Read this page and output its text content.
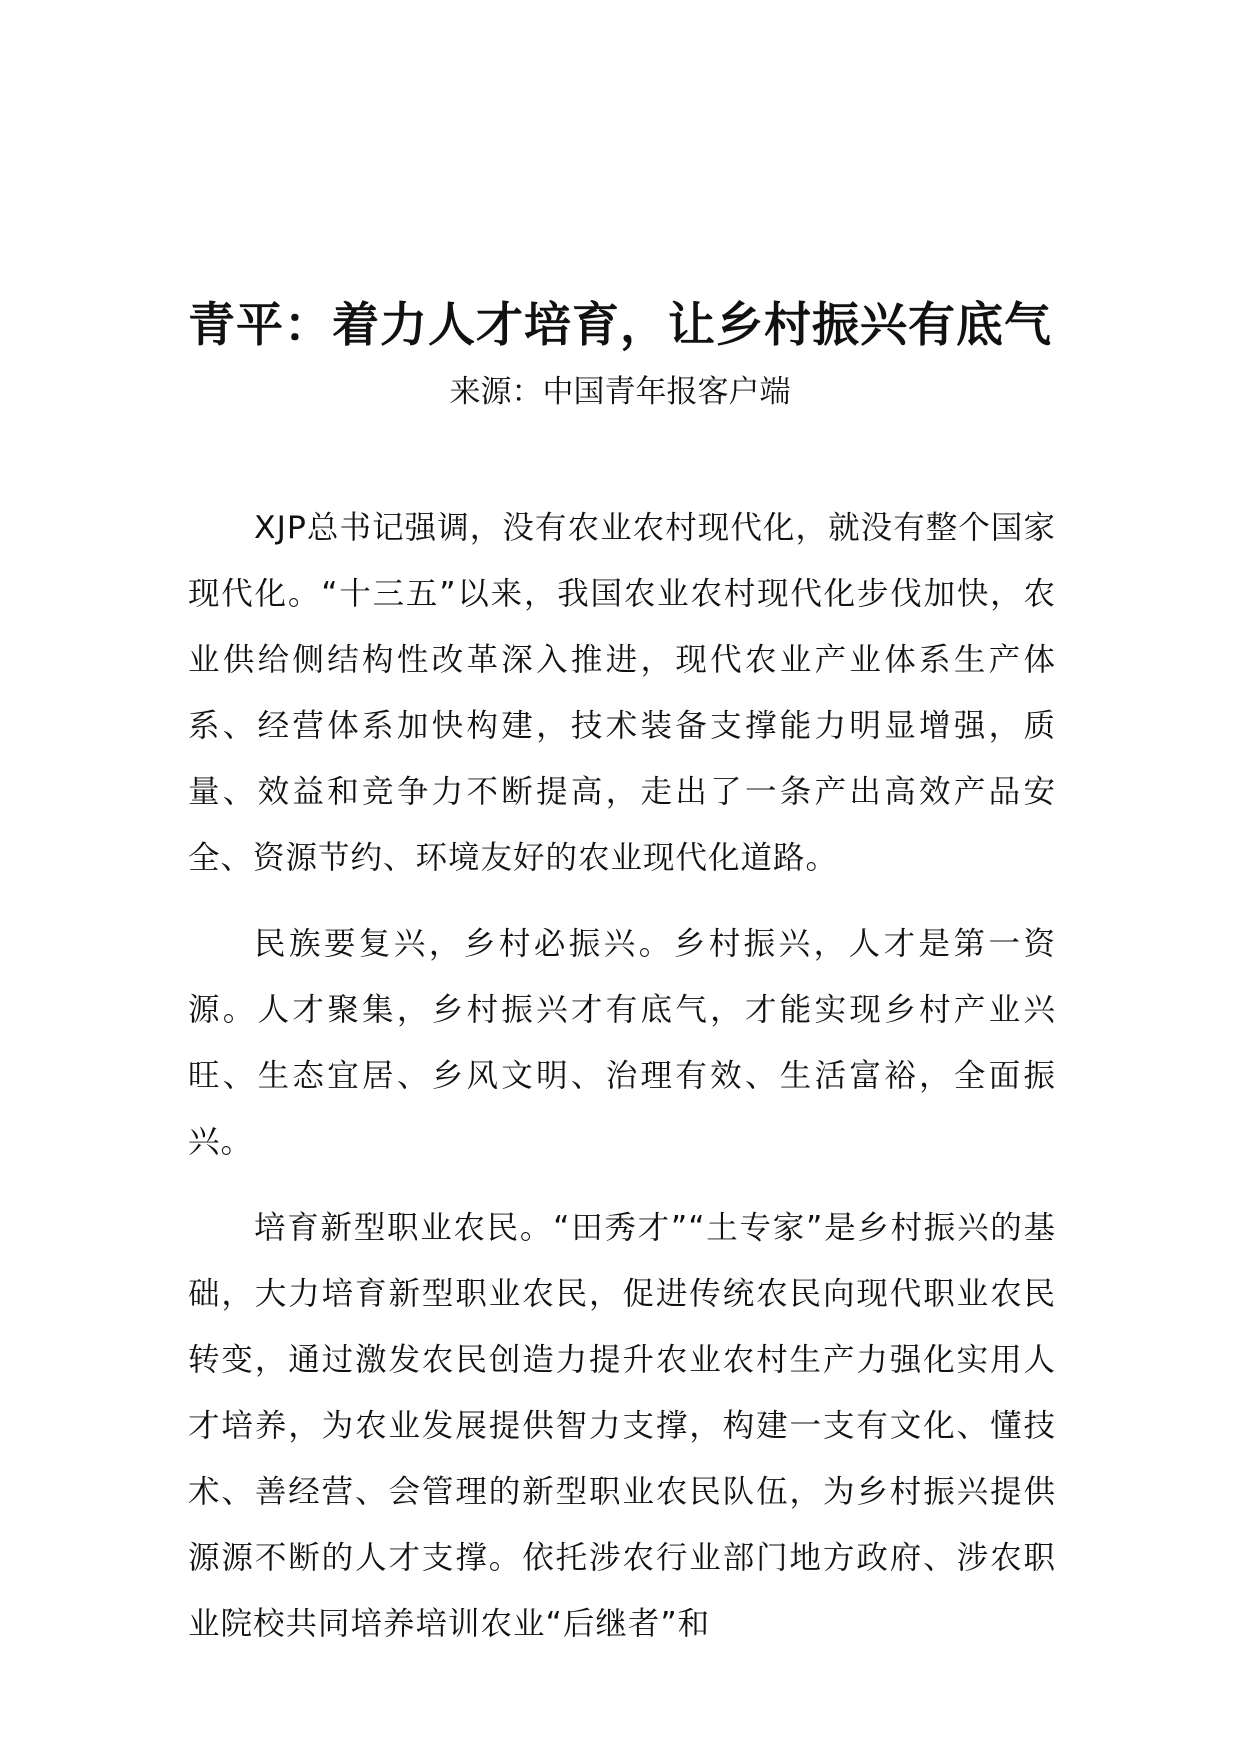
青平：着力人才培育，让乡村振兴有底气

来源：中国青年报客户端

XJP总书记强调，没有农业农村现代化，就没有整个国家现代化。“十三五”以来，我国农业农村现代化步伐加快，农业供给侧结构性改革深入推进，现代农业产业体系生产体系、经营体系加快构建，技术装备支撑能力明显增强，质量、效益和竞争力不断提高，走出了一条产出高效产品安全、资源节约、环境友好的农业现代化道路。

民族要复兴，乡村必振兴。乡村振兴，人才是第一资源。人才聚集，乡村振兴才有底气，才能实现乡村产业兴旺、生态宜居、乡风文明、治理有效、生活富裕，全面振兴。

培育新型职业农民。“田秀才”“土专家”是乡村振兴的基础，大力培育新型职业农民，促进传统农民向现代职业农民转变，通过激发农民创造力提升农业农村生产力强化实用人才培养，为农业发展提供智力支撑，构建一支有文化、懂技术、善经营、会管理的新型职业农民队伍，为乡村振兴提供源源不断的人才支撑。依托涉农行业部门地方政府、涉农职业院校共同培养培训农业“后继者”和
